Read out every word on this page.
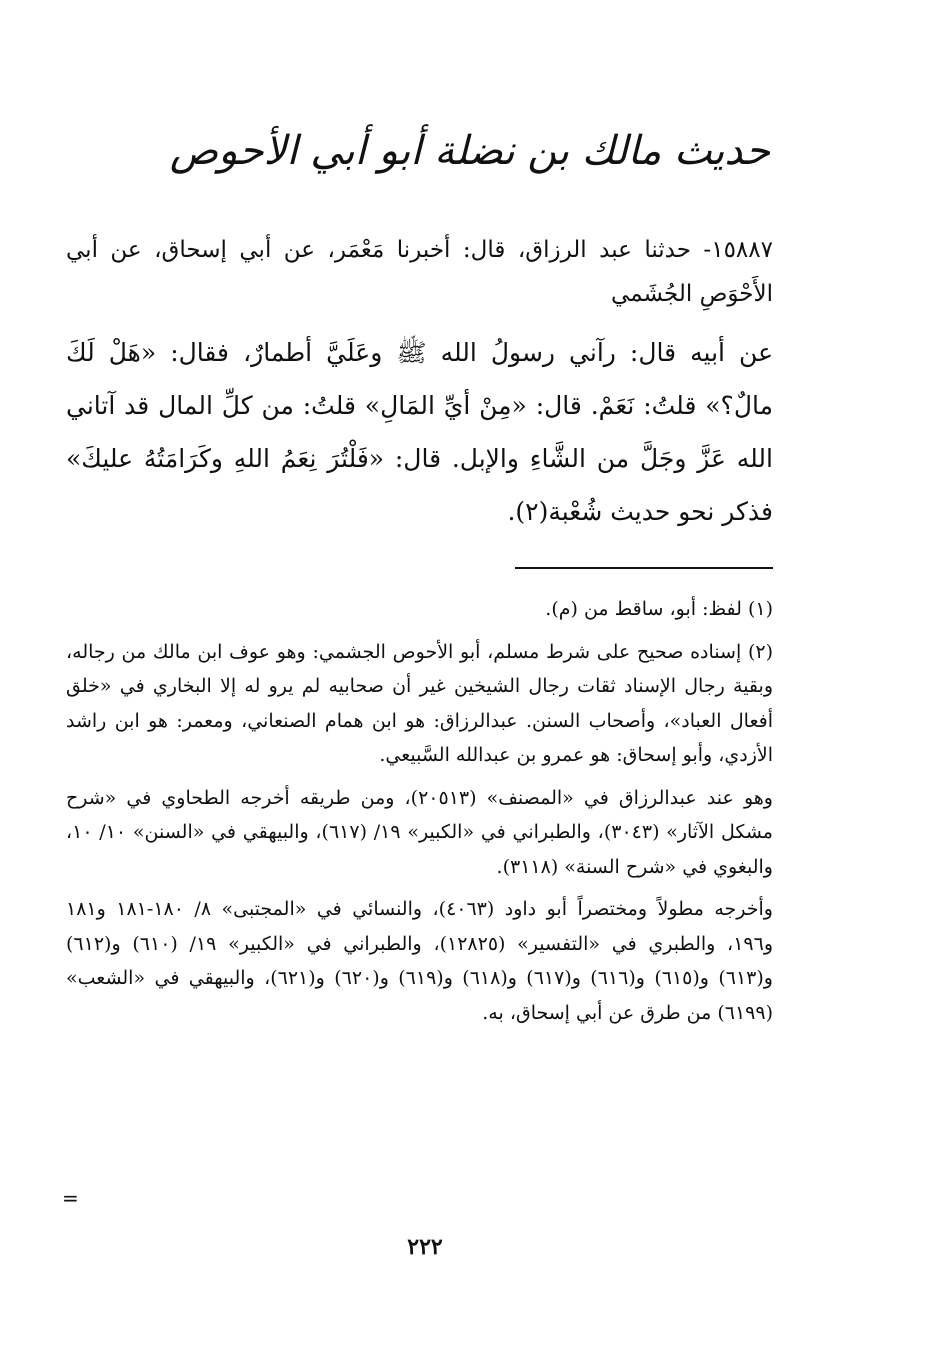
حديث مالك بن نضلة أبو أبي الأحوص
١٥٨٨٧- حدثنا عبد الرزاق، قال: أخبرنا مَعْمَر، عن أبي إسحاق، عن أبي الأَحْوَصِ الجُشَمي
عن أبيه قال: رآني رسولُ الله ﷺ وعَلَيَّ أطمارٌ، فقال: «هَلْ لَكَ مالٌ؟» قلتُ: نَعَمْ. قال: «مِنْ أيِّ المَالِ» قلتُ: من كلِّ المال قد آتاني الله عَزَّ وجَلَّ من الشَّاءِ والإبل. قال: «فَلْتُرَ نِعَمُ اللهِ وكَرَامَتُهُ عليكَ» فذكر نحو حديث شُعْبة(٢).

(١) لفظ: أبو، ساقط من (م).

(٢) إسناده صحيح على شرط مسلم، أبو الأحوص الجشمي: وهو عوف ابن مالك من رجاله، وبقية رجال الإسناد ثقات رجال الشيخين غير أن صحابيه لم يرو له إلا البخاري في «خلق أفعال العباد»، وأصحاب السنن. عبدالرزاق: هو ابن همام الصنعاني، ومعمر: هو ابن راشد الأزدي، وأبو إسحاق: هو عمرو بن عبدالله السَّبيعي.

وهو عند عبدالرزاق في «المصنف» (٢٠٥١٣)، ومن طريقه أخرجه الطحاوي في «شرح مشكل الآثار» (٣٠٤٣)، والطبراني في «الكبير» ١٩/ (٦١٧)، والبيهقي في «السنن» ١٠/ ١٠، والبغوي في «شرح السنة» (٣١١٨).

وأخرجه مطولاً ومختصراً أبو داود (٤٠٦٣)، والنسائي في «المجتبى» ٨/ ١٨٠-١٨١ و١٨١ و١٩٦، والطبري في «التفسير» (١٢٨٢٥)، والطبراني في «الكبير» ١٩/ (٦١٠) و(٦١٢) و(٦١٣) و(٦١٥) و(٦١٦) و(٦١٧) و(٦١٨) و(٦١٩) و(٦٢٠) و(٦٢١)، والبيهقي في «الشعب» (٦١٩٩) من طرق عن أبي إسحاق، به.

=
٢٢٢
